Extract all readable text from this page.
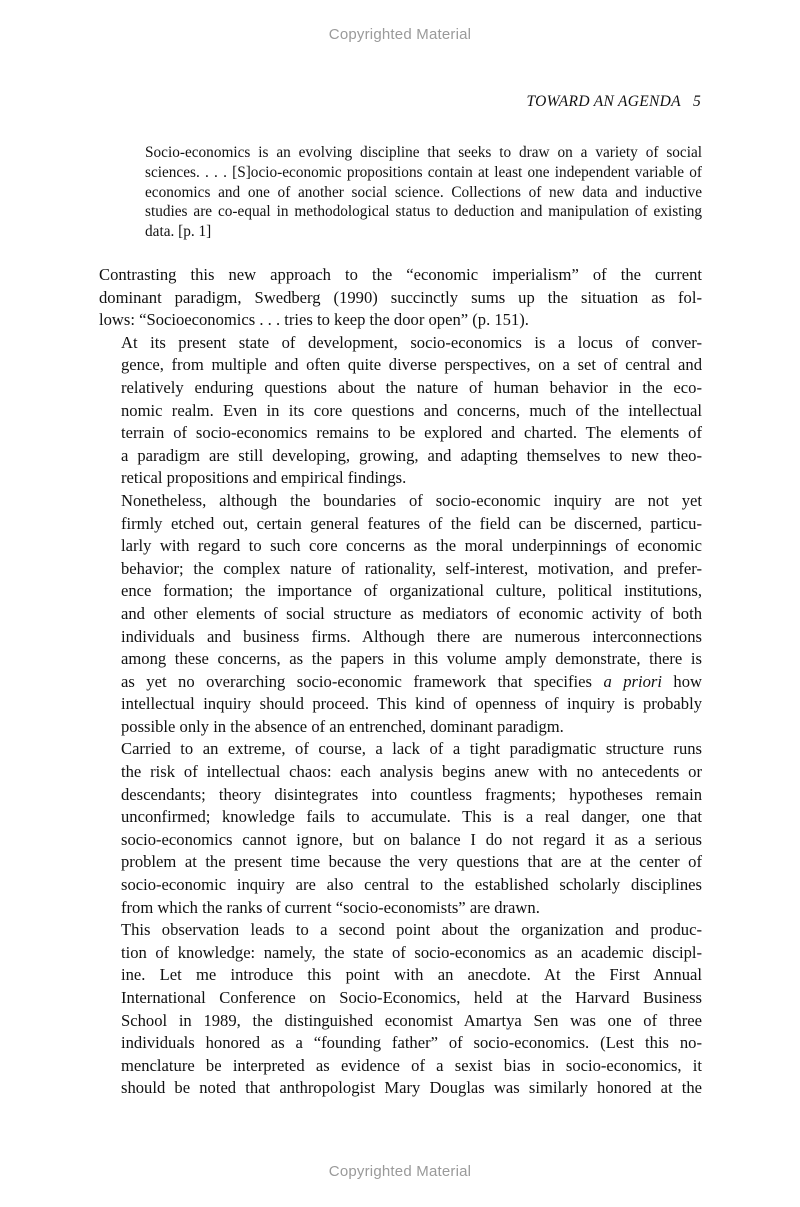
Copyrighted Material
TOWARD AN AGENDA 5
Socio-economics is an evolving discipline that seeks to draw on a variety of social sciences. . . . [S]ocio-economic propositions contain at least one independent variable of economics and one of another social science. Collections of new data and inductive studies are co-equal in methodological status to deduction and manipulation of existing data. [p. 1]

Contrasting this new approach to the “economic imperialism” of the current
dominant paradigm, Swedberg (1990) succinctly sums up the situation as fol-
lows: “Socioeconomics . . . tries to keep the door open” (p. 151).

At its present state of development, socio-economics is a locus of conver-
gence, from multiple and often quite diverse perspectives, on a set of central and
relatively enduring questions about the nature of human behavior in the eco-
nomic realm. Even in its core questions and concerns, much of the intellectual
terrain of socio-economics remains to be explored and charted. The elements of
a paradigm are still developing, growing, and adapting themselves to new theo-
retical propositions and empirical findings.

Nonetheless, although the boundaries of socio-economic inquiry are not yet
firmly etched out, certain general features of the field can be discerned, particu-
larly with regard to such core concerns as the moral underpinnings of economic
behavior; the complex nature of rationality, self-interest, motivation, and prefer-
ence formation; the importance of organizational culture, political institutions,
and other elements of social structure as mediators of economic activity of both
individuals and business firms. Although there are numerous interconnections
among these concerns, as the papers in this volume amply demonstrate, there is
as yet no overarching socio-economic framework that specifies a priori how
intellectual inquiry should proceed. This kind of openness of inquiry is probably
possible only in the absence of an entrenched, dominant paradigm.

Carried to an extreme, of course, a lack of a tight paradigmatic structure runs
the risk of intellectual chaos: each analysis begins anew with no antecedents or
descendants; theory disintegrates into countless fragments; hypotheses remain
unconfirmed; knowledge fails to accumulate. This is a real danger, one that
socio-economics cannot ignore, but on balance I do not regard it as a serious
problem at the present time because the very questions that are at the center of
socio-economic inquiry are also central to the established scholarly disciplines
from which the ranks of current “socio-economists” are drawn.

This observation leads to a second point about the organization and produc-
tion of knowledge: namely, the state of socio-economics as an academic discipl-
ine. Let me introduce this point with an anecdote. At the First Annual
International Conference on Socio-Economics, held at the Harvard Business
School in 1989, the distinguished economist Amartya Sen was one of three
individuals honored as a “founding father” of socio-economics. (Lest this no-
menclature be interpreted as evidence of a sexist bias in socio-economics, it
should be noted that anthropologist Mary Douglas was similarly honored at the

Copyrighted Material
